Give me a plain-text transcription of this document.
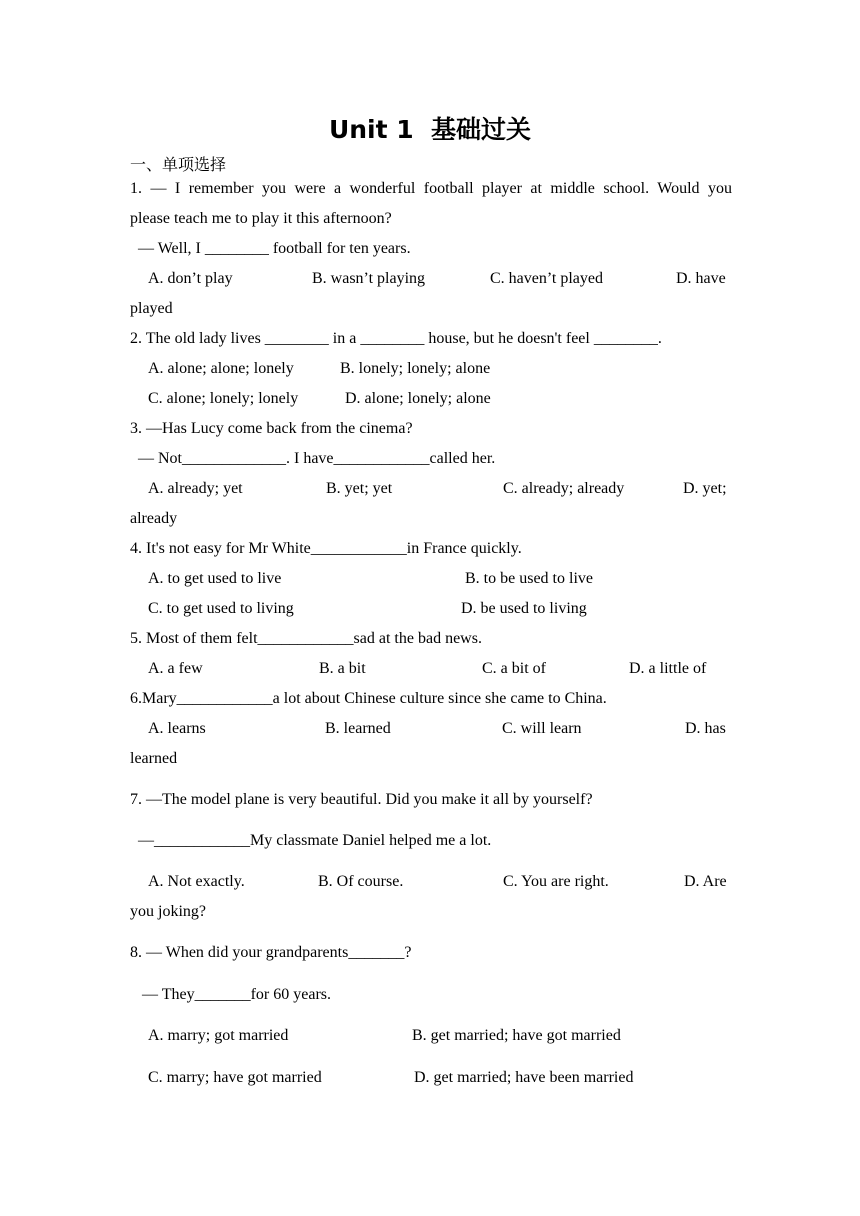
Unit 1  基础过关
一、单项选择
1. — I remember you were a wonderful football player at middle school. Would you
please teach me to play it this afternoon?
— Well, I ________ football for ten years.
A. don’t play	B. wasn’t playing	C. haven’t played	D. have
played
2. The old lady lives ________ in a ________ house, but he doesn't feel ________.
A. alone; alone; lonely	B. lonely; lonely; alone
C. alone; lonely; lonely	D. alone; lonely; alone
3. —Has Lucy come back from the cinema?
— Not_____________. I have____________called her.
A. already; yet	B. yet; yet	C. already; already	D. yet;
already
4. It's not easy for Mr White____________in France quickly.
A. to get used to live	B. to be used to live
C. to get used to living	D. be used to living
5. Most of them felt____________sad at the bad news.
A. a few	B. a bit	C. a bit of	D. a little of
6.Mary____________a lot about Chinese culture since she came to China.
A. learns	B. learned	C. will learn	D. has
learned
7. —The model plane is very beautiful. Did you make it all by yourself?
—____________My classmate Daniel helped me a lot.
A. Not exactly.	B. Of course.	C. You are right.	D. Are
you joking?
8. — When did your grandparents_______?
— They_______for 60 years.
A. marry; got married	B. get married; have got married
C. marry; have got married	D. get married; have been married
